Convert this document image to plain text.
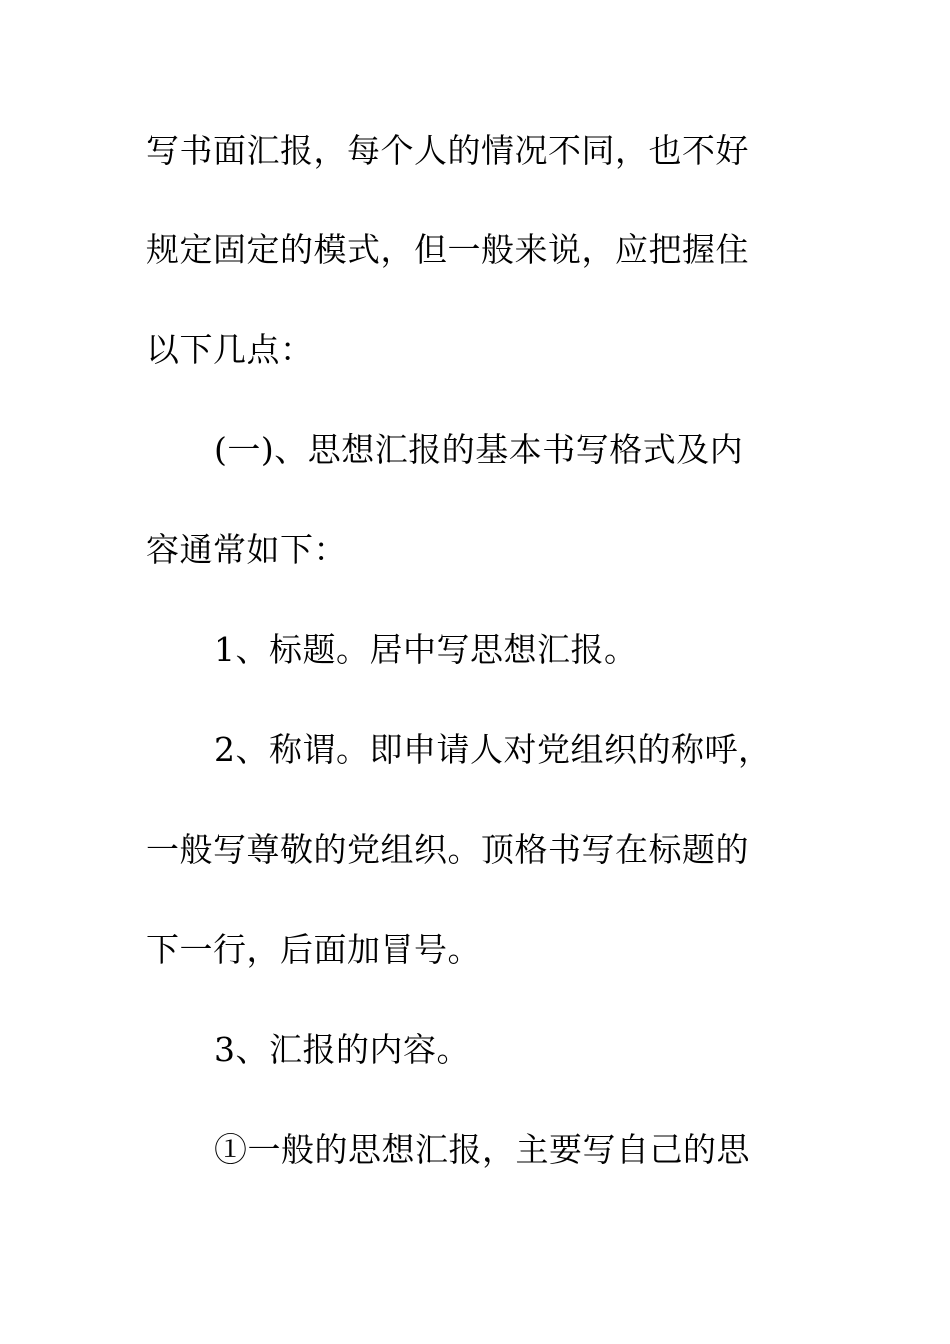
写书面汇报，每个人的情况不同，也不好
规定固定的模式，但一般来说，应把握住
以下几点：
(一)、思想汇报的基本书写格式及内
容通常如下：
1、标题。居中写思想汇报。
2、称谓。即申请人对党组织的称呼，
一般写尊敬的党组织。顶格书写在标题的
下一行，后面加冒号。
3、汇报的内容。
①一般的思想汇报，主要写自己的思
